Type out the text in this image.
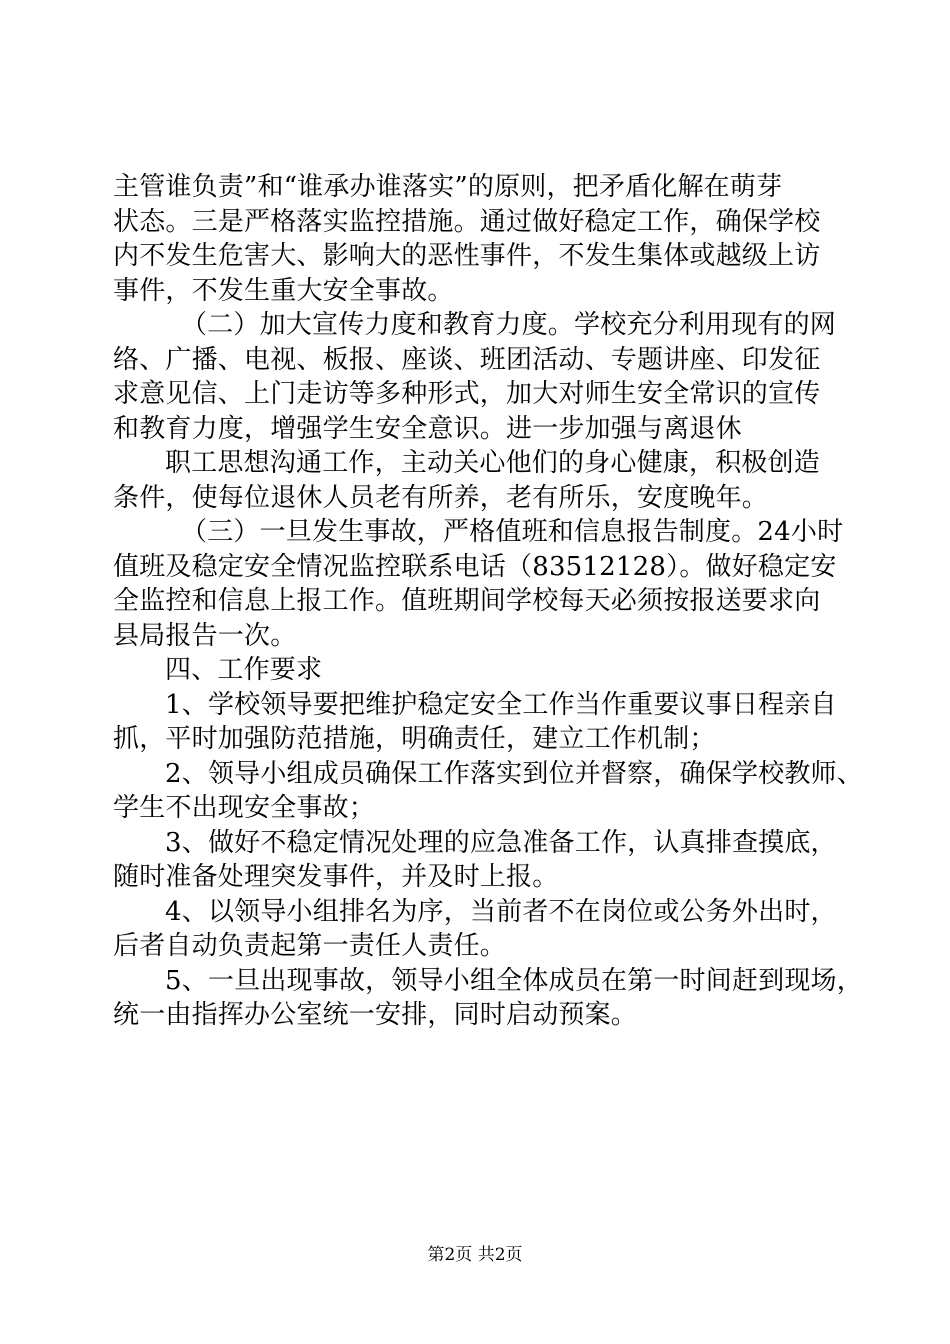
主管谁负责”和“谁承办谁落实”的原则，把矛盾化解在萌芽
状态。三是严格落实监控措施。通过做好稳定工作，确保学校
内不发生危害大、影响大的恶性事件，不发生集体或越级上访
事件，不发生重大安全事故。
（二）加大宣传力度和教育力度。学校充分利用现有的网
络、广播、电视、板报、座谈、班团活动、专题讲座、印发征
求意见信、上门走访等多种形式，加大对师生安全常识的宣传
和教育力度，增强学生安全意识。进一步加强与离退休
职工思想沟通工作，主动关心他们的身心健康，积极创造
条件，使每位退休人员老有所养，老有所乐，安度晚年。
（三）一旦发生事故，严格值班和信息报告制度。24小时
值班及稳定安全情况监控联系电话（83512128）。做好稳定安
全监控和信息上报工作。值班期间学校每天必须按报送要求向
县局报告一次。
四、工作要求
1、学校领导要把维护稳定安全工作当作重要议事日程亲自
抓，平时加强防范措施，明确责任，建立工作机制；
2、领导小组成员确保工作落实到位并督察，确保学校教师、
学生不出现安全事故；
3、做好不稳定情况处理的应急准备工作，认真排查摸底，
随时准备处理突发事件，并及时上报。
4、以领导小组排名为序，当前者不在岗位或公务外出时，
后者自动负责起第一责任人责任。
5、一旦出现事故，领导小组全体成员在第一时间赶到现场，
统一由指挥办公室统一安排，同时启动预案。
第2页 共2页
